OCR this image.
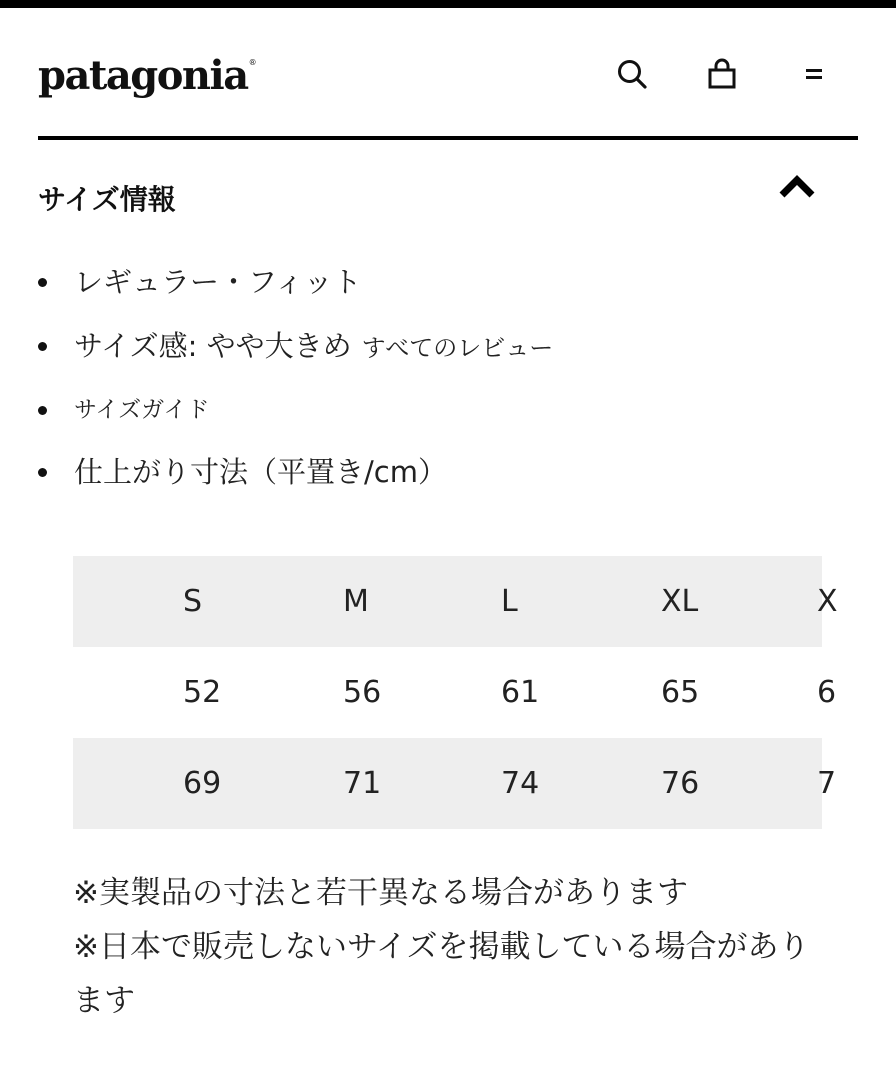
patagonia®
サイズ情報
レギュラー・フィット
サイズ感: やや大きめ すべてのレビュー
サイズガイド
仕上がり寸法（平置き/cm）
S	M	L	XL	X
52	56	61	65	6
69	71	74	76	7

※実製品の寸法と若干異なる場合があります

※日本で販売しないサイズを掲載している場合があります
